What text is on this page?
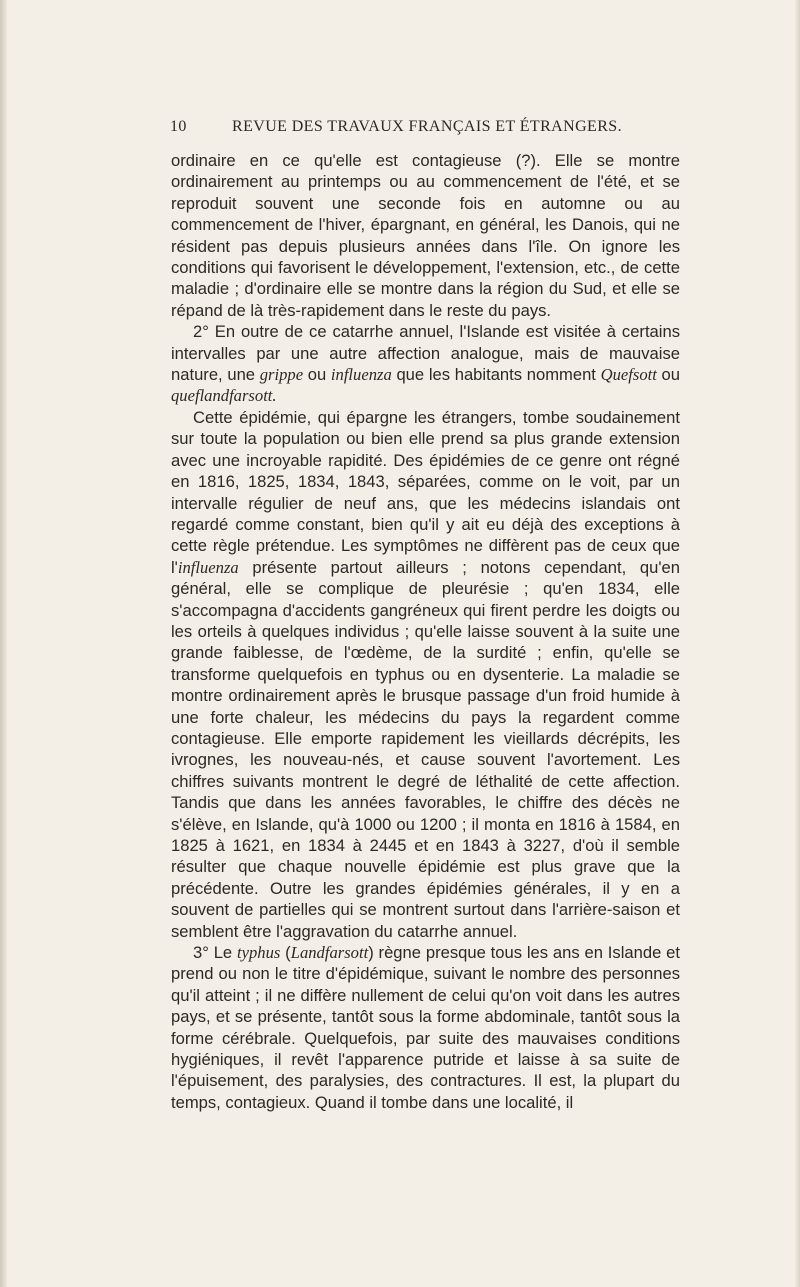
10	REVUE DES TRAVAUX FRANÇAIS ET ÉTRANGERS.

ordinaire en ce qu'elle est contagieuse (?). Elle se montre ordinairement au printemps ou au commencement de l'été, et se reproduit souvent une seconde fois en automne ou au commencement de l'hiver, épargnant, en général, les Danois, qui ne résident pas depuis plusieurs années dans l'île. On ignore les conditions qui favorisent le développement, l'extension, etc., de cette maladie ; d'ordinaire elle se montre dans la région du Sud, et elle se répand de là très-rapidement dans le reste du pays.

2° En outre de ce catarrhe annuel, l'Islande est visitée à certains intervalles par une autre affection analogue, mais de mauvaise nature, une grippe ou influenza que les habitants nomment Quefsott ou queflandfarsott.

Cette épidémie, qui épargne les étrangers, tombe soudainement sur toute la population ou bien elle prend sa plus grande extension avec une incroyable rapidité. Des épidémies de ce genre ont régné en 1816, 1825, 1834, 1843, séparées, comme on le voit, par un intervalle régulier de neuf ans, que les médecins islandais ont regardé comme constant, bien qu'il y ait eu déjà des exceptions à cette règle prétendue. Les symptômes ne diffèrent pas de ceux que l'influenza présente partout ailleurs ; notons cependant, qu'en général, elle se complique de pleurésie ; qu'en 1834, elle s'accompagna d'accidents gangréneux qui firent perdre les doigts ou les orteils à quelques individus ; qu'elle laisse souvent à la suite une grande faiblesse, de l'œdème, de la surdité ; enfin, qu'elle se transforme quelquefois en typhus ou en dysenterie. La maladie se montre ordinairement après le brusque passage d'un froid humide à une forte chaleur, les médecins du pays la regardent comme contagieuse. Elle emporte rapidement les vieillards décrépits, les ivrognes, les nouveau-nés, et cause souvent l'avortement. Les chiffres suivants montrent le degré de léthalité de cette affection. Tandis que dans les années favorables, le chiffre des décès ne s'élève, en Islande, qu'à 1000 ou 1200 ; il monta en 1816 à 1584, en 1825 à 1621, en 1834 à 2445 et en 1843 à 3227, d'où il semble résulter que chaque nouvelle épidémie est plus grave que la précédente. Outre les grandes épidémies générales, il y en a souvent de partielles qui se montrent surtout dans l'arrière-saison et semblent être l'aggravation du catarrhe annuel.

3° Le typhus (Landfarsott) règne presque tous les ans en Islande et prend ou non le titre d'épidémique, suivant le nombre des personnes qu'il atteint ; il ne diffère nullement de celui qu'on voit dans les autres pays, et se présente, tantôt sous la forme abdominale, tantôt sous la forme cérébrale. Quelquefois, par suite des mauvaises conditions hygiéniques, il revêt l'apparence putride et laisse à sa suite de l'épuisement, des paralysies, des contractures. Il est, la plupart du temps, contagieux. Quand il tombe dans une localité, il
